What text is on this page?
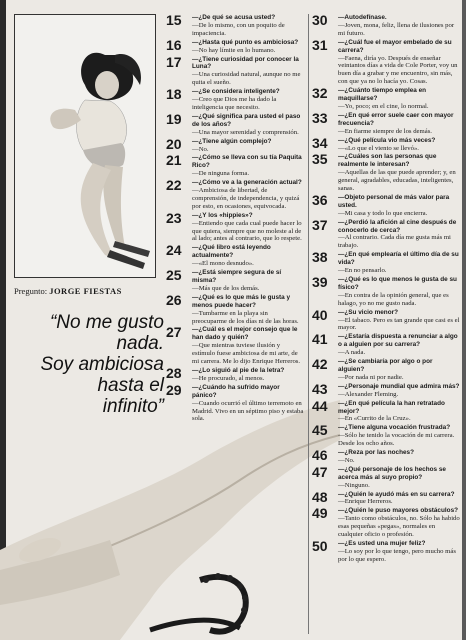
Pregunto: JORGE FIESTAS
“No me gusto
nada.
Soy ambiciosa
hasta el
infinito”
15 —¿De qué se acusa usted?
—De lo mismo, con un poquito de impaciencia.
16 —¿Hasta qué punto es ambiciosa?
—No hay límite en lo humano.
17 —¿Tiene curiosidad por conocer la Luna?
—Una curiosidad natural, aunque no me quita el sueño.
18 —¿Se considera inteligente?
—Creo que Dios me ha dado la inteligencia que necesito.
19 —¿Qué significa para usted el paso de los años?
—Una mayor serenidad y comprensión.
20 —¿Tiene algún complejo?
—No.
21 —¿Cómo se lleva con su tía Paquita Rico?
—De ninguna forma.
22 —¿Cómo ve a la generación actual?
—Ambiciosa de libertad, de comprensión, de independencia, y quizá por esto, en ocasiones, equivocada.
23 —¿Y los «hippies»?
—Entiendo que cada cual puede hacer lo que quiera, siempre que no moleste al de al lado; antes al contrario, que lo respete.
24 —¿Qué libro está leyendo actualmente?
—«El mono desnudo».
25 —¿Está siempre segura de sí misma?
—Más que de los demás.
26 —¿Qué es lo que más le gusta y menos puede hacer?
—Tumbarme en la playa sin preocuparme de los días ni de las horas.
27 —¿Cuál es el mejor consejo que le han dado y quién?
—Que mientras tuviese ilusión y estímulo fuese ambiciosa de mi arte, de mi carrera. Me lo dijo Enrique Herreros.
28 —¿Lo siguió al pie de la letra?
—He procurado, al menos.
29 —¿Cuándo ha sufrido mayor pánico?
—Cuando ocurrió el último terremoto en Madrid. Vivo en un séptimo piso y estaba sola.
30 —Autodefínase.
—Joven, mona, feliz, llena de ilusiones por mi futuro.
31 —¿Cuál fue el mayor embelado de su carrera?
—Faena, diría yo. Después de enseñar veintantos días a vida de Cole Porter, voy un buen día a grabar y me encuentro, sin más, con que ya no lo hacía yo. Cosas.
32 —¿Cuánto tiempo emplea en maquillarse?
—Yo, poco; en el cine, lo normal.
33 —¿En qué error suele caer con mayor frecuencia?
—En fiarme siempre de los demás.
34 —¿Qué película vio más veces?
—«Lo que el viento se llevó».
35 —¿Cuáles son las personas que realmente le interesan?
—Aquellas de las que puede aprender; y, en general, agradables, educadas, inteligentes, sanas.
36 —Objeto personal de más valor para usted.
—Mi casa y todo lo que encierra.
37 —¿Perdió la afición al cine después de conocerlo de cerca?
—Al contrario. Cada día me gusta más mi trabajo.
38 —¿En qué emplearía el último día de su vida?
—En no pensarlo.
39 —¿Qué es lo que menos le gusta de su físico?
—En contra de la opinión general, que es halago, yo no me gusto nada.
40 —¿Su vicio menor?
—El tabaco. Pero es tan grande que casi es el mayor.
41 —¿Estaría dispuesta a renunciar a algo o a alguien por su carrera?
—A nada.
42 —¿Se cambiaría por algo o por alguien?
—Por nada ni por nadie.
43 —¿Personaje mundial que admira más?
—Alexander Fleming.
44 —¿En qué película la han retratado mejor?
—En «Currito de la Cruz».
45 —¿Tiene alguna vocación frustrada?
—Sólo he tenido la vocación de mi carrera. Desde los ocho años.
46 —¿Reza por las noches?
—No.
47 —¿Qué personaje de los hechos se acerca más al suyo propio?
—Ninguno.
48 —¿Quién le ayudó más en su carrera?
—Enrique Herreros.
49 —¿Quién le puso mayores obstáculos?
—Tanto como obstáculos, no. Sólo ha habido esas pequeñas «pegas», normales en cualquier oficio o profesión.
50 —¿Es usted una mujer feliz?
—Lo soy por lo que tengo, pero mucho más por lo que espero.
